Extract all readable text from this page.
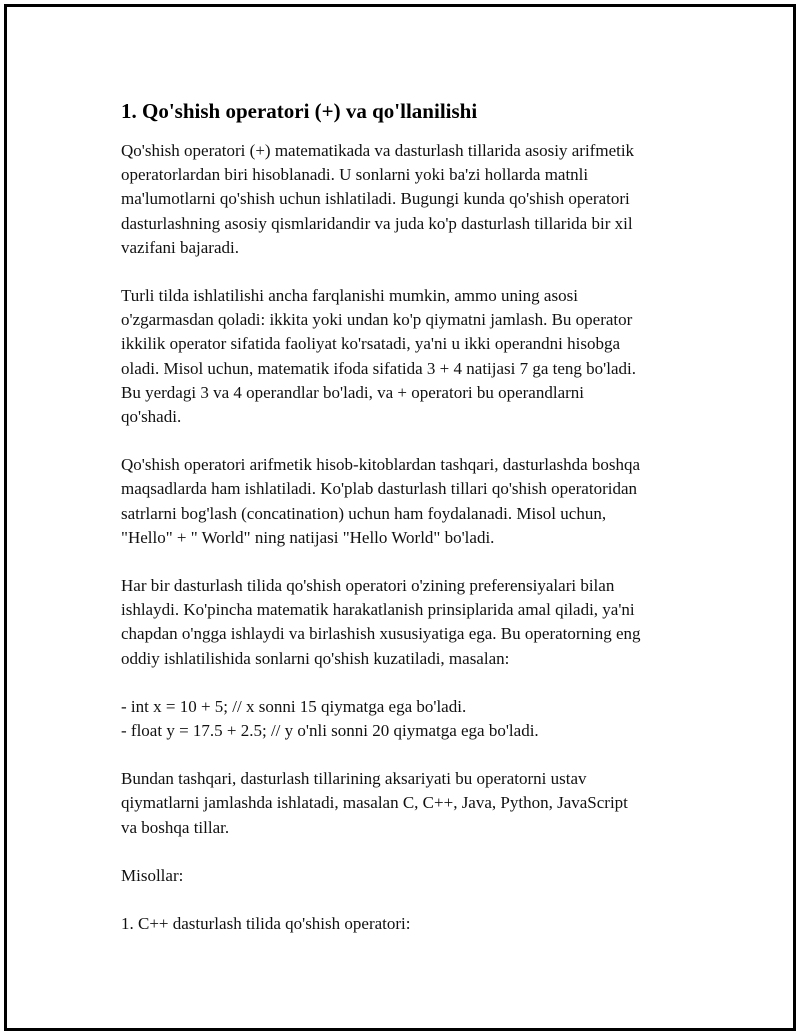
1. Qo'shish operatori (+) va qo'llanilishi

Qo'shish operatori (+) matematikada va dasturlash tillarida asosiy arifmetik
operatorlardan biri hisoblanadi. U sonlarni yoki ba'zi hollarda matnli
ma'lumotlarni qo'shish uchun ishlatiladi. Bugungi kunda qo'shish operatori
dasturlashning asosiy qismlaridandir va juda ko'p dasturlash tillarida bir xil
vazifani bajaradi.

Turli tilda ishlatilishi ancha farqlanishi mumkin, ammo uning asosi
o'zgarmasdan qoladi: ikkita yoki undan ko'p qiymatni jamlash. Bu operator
ikkilik operator sifatida faoliyat ko'rsatadi, ya'ni u ikki operandni hisobga
oladi. Misol uchun, matematik ifoda sifatida 3 + 4 natijasi 7 ga teng bo'ladi.
Bu yerdagi 3 va 4 operandlar bo'ladi, va + operatori bu operandlarni
qo'shadi.

Qo'shish operatori arifmetik hisob-kitoblardan tashqari, dasturlashda boshqa
maqsadlarda ham ishlatiladi. Ko'plab dasturlash tillari qo'shish operatoridan
satrlarni bog'lash (concatination) uchun ham foydalanadi. Misol uchun,
"Hello" + " World" ning natijasi "Hello World" bo'ladi.

Har bir dasturlash tilida qo'shish operatori o'zining preferensiyalari bilan
ishlaydi. Ko'pincha matematik harakatlanish prinsiplarida amal qiladi, ya'ni
chapdan o'ngga ishlaydi va birlashish xususiyatiga ega. Bu operatorning eng
oddiy ishlatilishida sonlarni qo'shish kuzatiladi, masalan:

- int x = 10 + 5; // x sonni 15 qiymatga ega bo'ladi.

- float y = 17.5 + 2.5; // y o'nli sonni 20 qiymatga ega bo'ladi.

Bundan tashqari, dasturlash tillarining aksariyati bu operatorni ustav
qiymatlarni jamlashda ishlatadi, masalan C, C++, Java, Python, JavaScript
va boshqa tillar.

Misollar:

1. C++ dasturlash tilida qo'shish operatori:
